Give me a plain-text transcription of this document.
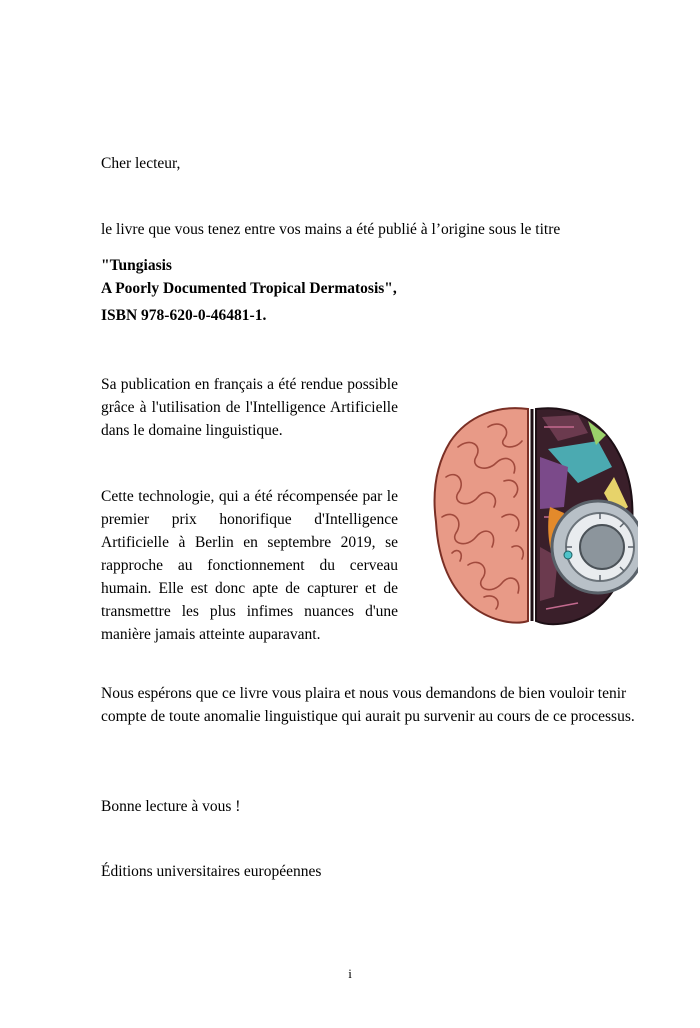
Cher lecteur,

le livre que vous tenez entre vos mains a été publié à l’origine sous le titre

"Tungiasis
A Poorly Documented Tropical Dermatosis",

ISBN 978-620-0-46481-1.

Sa publication en français a été rendue possible grâce à l'utilisation de l'Intelligence Artificielle dans le domaine linguistique.

Cette technologie, qui a été récompensée par le premier prix honorifique d'Intelligence Artificielle à Berlin en septembre 2019, se rapproche au fonctionnement du cerveau humain. Elle est donc apte de capturer et de transmettre les plus infimes nuances d'une manière jamais atteinte auparavant.

Nous espérons que ce livre vous plaira et nous vous demandons de bien vouloir tenir compte de toute anomalie linguistique qui aurait pu survenir au cours de ce processus.

Bonne lecture à vous !

Éditions universitaires européennes

i
